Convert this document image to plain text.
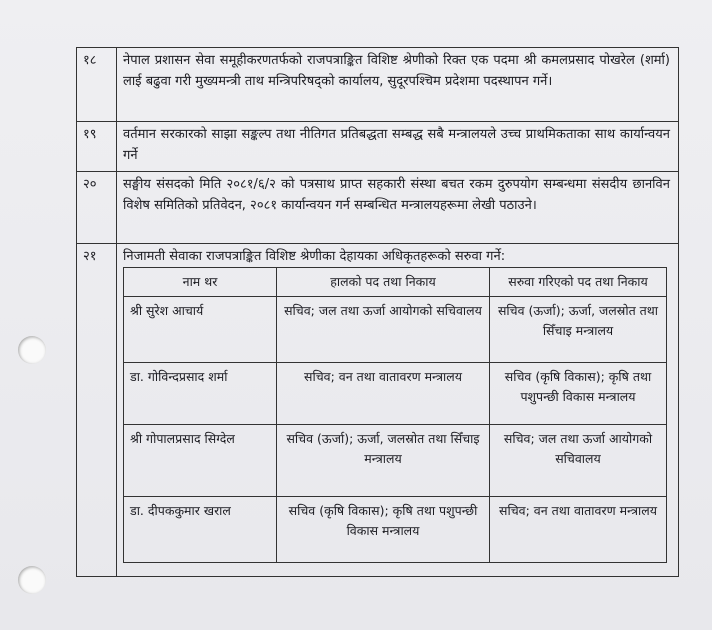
१८	नेपाल प्रशासन सेवा समूहीकरणतर्फको राजपत्राङ्कित विशिष्ट श्रेणीको रिक्त एक पदमा श्री कमलप्रसाद पोखरेल (शर्मा) लाई बढुवा गरी मुख्यमन्त्री ताथ मन्त्रिपरिषद्‌को कार्यालय, सुदूरपश्चिम प्रदेशमा पदस्थापन गर्ने।
१९	वर्तमान सरकारको साझा सङ्कल्प तथा नीतिगत प्रतिबद्धता सम्बद्ध सबै मन्त्रालयले उच्च प्राथमिकताका साथ कार्यान्वयन गर्ने
२०	सङ्घीय संसदको मिति २०८१/६/२ को पत्रसाथ प्राप्त सहकारी संस्था बचत रकम दुरुपयोग सम्बन्धमा संसदीय छानविन विशेष समितिको प्रतिवेदन, २०८१ कार्यान्वयन गर्न सम्बन्धित मन्त्रालयहरूमा लेखी पठाउने।
२१	निजामती सेवाका राजपत्राङ्कित विशिष्ट श्रेणीका देहायका अधिकृतहरूको सरुवा गर्ने:
नाम थर	हालको पद तथा निकाय	सरुवा गरिएको पद तथा निकाय
श्री सुरेश आचार्य	सचिव; जल तथा ऊर्जा आयोगको सचिवालय	सचिव (ऊर्जा); ऊर्जा, जलस्रोत तथा सिँचाइ मन्त्रालय
डा. गोविन्दप्रसाद शर्मा	सचिव; वन तथा वातावरण मन्त्रालय	सचिव (कृषि विकास); कृषि तथा पशुपन्छी विकास मन्त्रालय
श्री गोपालप्रसाद सिग्देल	सचिव (ऊर्जा); ऊर्जा, जलस्रोत तथा सिँचाइ मन्त्रालय	सचिव; जल तथा ऊर्जा आयोगको सचिवालय
डा. दीपककुमार खराल	सचिव (कृषि विकास); कृषि तथा पशुपन्छी विकास मन्त्रालय	सचिव; वन तथा वातावरण मन्त्रालय
